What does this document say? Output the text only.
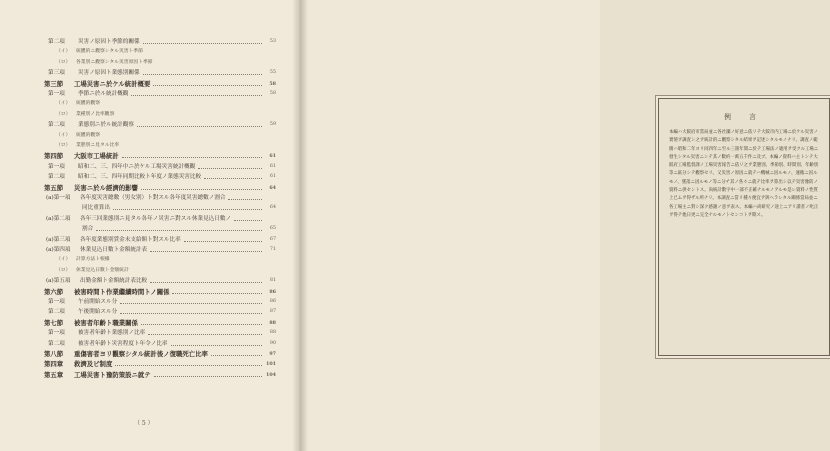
第二項 災害ノ原因ト季節的關係	53
（イ） 統體的ニ觀察シタル災害ト季節
（ロ） 各業別ニ觀察シタル災害原因ト季節
第三項 災害ノ原因ト業態別關係	55
第三節 工場災害ニ於ケル統計概要	58
第一項 季節ニ於ル統計概觀	58
（イ） 統體的觀察
（ロ） 業種別ノ比率觀察
第二項 業態別ニ於ル統計觀察	59
（イ） 統體的觀察
（ロ） 業態別ニ見タル比率
第四節 大阪市工場統計	61
第一項 昭和二、三、四年中ニ於ケル工場災害統計概觀	61
第二項 昭和二、三、四年同期比較ト年度ノ業態災害比較	61
第五節 災害ニ於ル經濟的影響	64
(a)第一項 各年度災害總數（男女別）ト對スル各年度災害總數ノ割合
同比重算出	64
(a)第二項 各年三回業態別ニ見タル各年ノ災害ニ對スル休業見込日數ノ
割合	65
(a)第三項 各年度業態別賃金未支給額ト對スル比率	67
(a)第四項 休業見込日數ト金額統計表	71
（イ） 計算方法ト根據
（ロ） 休業見込日數ト金額統計
(a)第五項 出勤金額ト金額統計表比較	81
第六節 被害時間ト作業繼續時間トノ關係	86
第一項 午前開始スル分	86
第二項 午後開始スル分	87
第七節 被害者年齡ト職業關係	88
第一項 被害者年齡ト業態別ノ比率	88
第二項 被害者年齡ト災害程度ト年令ノ比率	90
第八節 重傷害者ヨリ觀察シタル統計後ノ復職死亡比率	97
第四章 救濟及ビ制度	101
第五章 工場災害ト豫防策設ニ就テ	104
（ 5 ）
例 言
本編ハ大阪府市當局並ニ各社團ノ好意ニ依リテ大阪市内工場ニ於ケル災害ノ實情ヲ調査シ之ヲ統計的ニ觀察シタル結果ヲ記述シタルモノナリ。調査ノ範圍ハ昭和二年ヨリ同四年ニ至ル三箇年間ニ於テ工場法ノ適用ヲ受クル工場ニ發生シタル災害ニシテ其ノ數約一萬五千件ニ及ブ。本編ノ資料ハ主トシテ大阪府工場監督課ノ工場災害報告ニ依リ之ヲ業態別、季節別、時間別、年齡別等ニ區分シテ觀察セリ。又災害ノ原因ニ就テハ機械ニ因ルモノ、運搬ニ因ルモノ、墜落ニ因ルモノ等ニ分チ其ノ各々ニ就テ比率ヲ算出シ以テ災害豫防ノ資料ニ供セントス。尚統計數字中一部不正確ナルモノアルモ是レ資料ノ性質上已ムヲ得ザル所ナリ。本調査ニ當リ種々便宜ヲ與ヘラレタル關係當局並ニ各工場主ニ對シ深ク感謝ノ意ヲ表ス。本編ハ尚研究ノ途上ニアリ讀者ノ叱正ヲ得テ他日更ニ完全ナルモノトセンコトヲ期ス。
